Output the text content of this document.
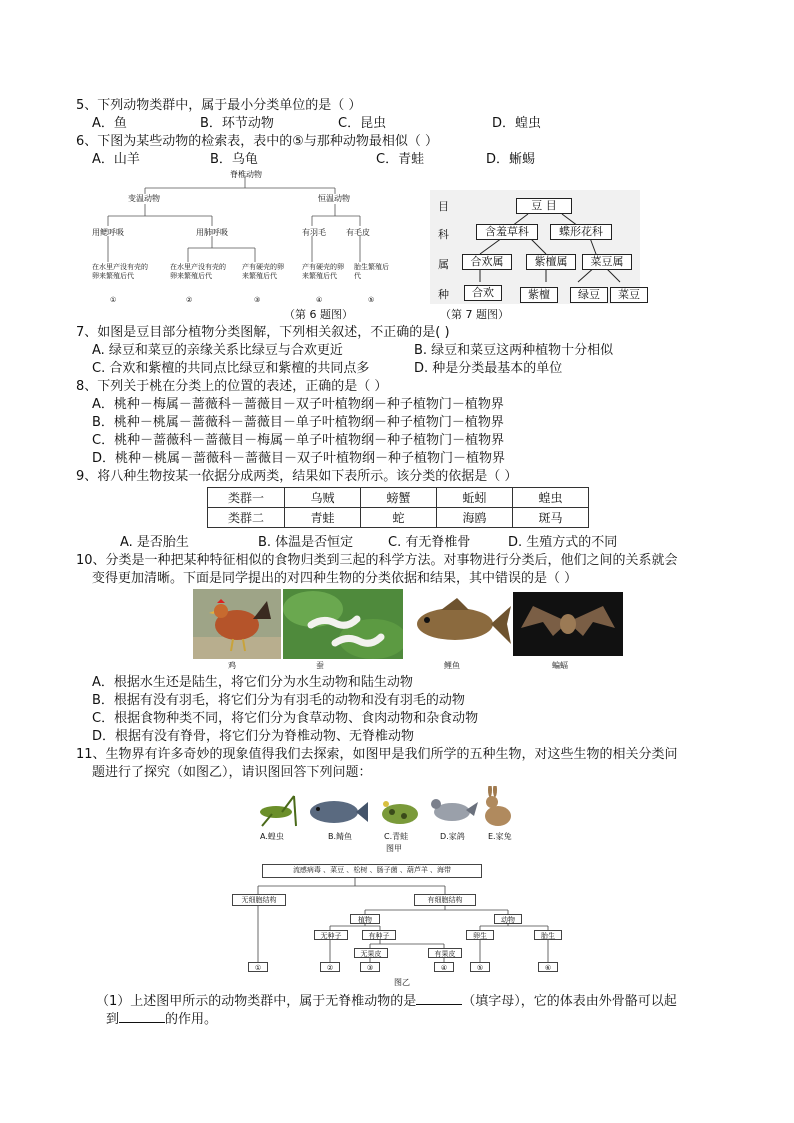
5、下列动物类群中，属于最小分类单位的是（ ）
A．鱼	B．环节动物	C．昆虫	D．蝗虫
6、下图为某些动物的检索表，表中的⑤与那种动物最相似（ ）
A．山羊	B．乌龟	C．青蛙	D．蜥蜴
脊椎动物
变温动物	恒温动物
用鳃呼吸	用肺呼吸	有羽毛	有毛皮
在水里产没有壳的卵来繁殖后代
在水里产没有壳的卵来繁殖后代
产有硬壳的卵来繁殖后代
产有硬壳的卵来繁殖后代
胎生繁殖后代
①	②	③	④	⑤
（第 6 题图）
目
科
属
种
豆 目
含羞草科	蝶形花科
合欢属	紫檀属	菜豆属
合欢	紫檀	绿豆	菜豆
（第 7 题图）
7、如图是豆目部分植物分类图解，下列相关叙述，不正确的是( )
A. 绿豆和菜豆的亲缘关系比绿豆与合欢更近	B. 绿豆和菜豆这两种植物十分相似
C. 合欢和紫檀的共同点比绿豆和紫檀的共同点多	D. 种是分类最基本的单位
8、下列关于桃在分类上的位置的表述，正确的是（ ）
A．桃种－梅属－蔷薇科－蔷薇目－双子叶植物纲－种子植物门－植物界
B．桃种－桃属－蔷薇科－蔷薇目－单子叶植物纲－种子植物门－植物界
C．桃种－蔷薇科－蔷薇目－梅属－单子叶植物纲－种子植物门－植物界
D．桃种－桃属－蔷薇科－蔷薇目－双子叶植物纲－种子植物门－植物界
9、将八种生物按某一依据分成两类，结果如下表所示。该分类的依据是（ ）
类群一	乌贼	螃蟹	蚯蚓	蝗虫
类群二	青蛙	蛇	海鸥	斑马
A. 是否胎生	B. 体温是否恒定	C. 有无脊椎骨	D. 生殖方式的不同
10、分类是一种把某种特征相似的食物归类到三起的科学方法。对事物进行分类后，他们之间的关系就会
变得更加清晰。下面是同学提出的对四种生物的分类依据和结果，其中错误的是（ ）
鸡	蚕	鲤鱼	蝙蝠
A．根据水生还是陆生，将它们分为水生动物和陆生动物
B．根据有没有羽毛，将它们分为有羽毛的动物和没有羽毛的动物
C．根据食物种类不同，将它们分为食草动物、食肉动物和杂食动物
D．根据有没有脊骨，将它们分为脊椎动物、无脊椎动物
11、生物界有许多奇妙的现象值得我们去探索，如图甲是我们所学的五种生物，对这些生物的相关分类问
题进行了探究（如图乙），请识图回答下列问题：
A.蝗虫	B.鲭鱼	C.青蛙	D.家鸽	E.家兔
图甲
流感病毒 、菜豆 、松树 、肠子菌 、葫芦羊 、海带
无细胞结构	有细胞结构
植物	动物
无种子	有种子
无果皮	有果皮
卵生	胎生
①	②	③	④	⑤	⑥
图乙
（1）上述图甲所示的动物类群中，属于无脊椎动物的是	（填字母），它的体表由外骨骼可以起
到	的作用。
